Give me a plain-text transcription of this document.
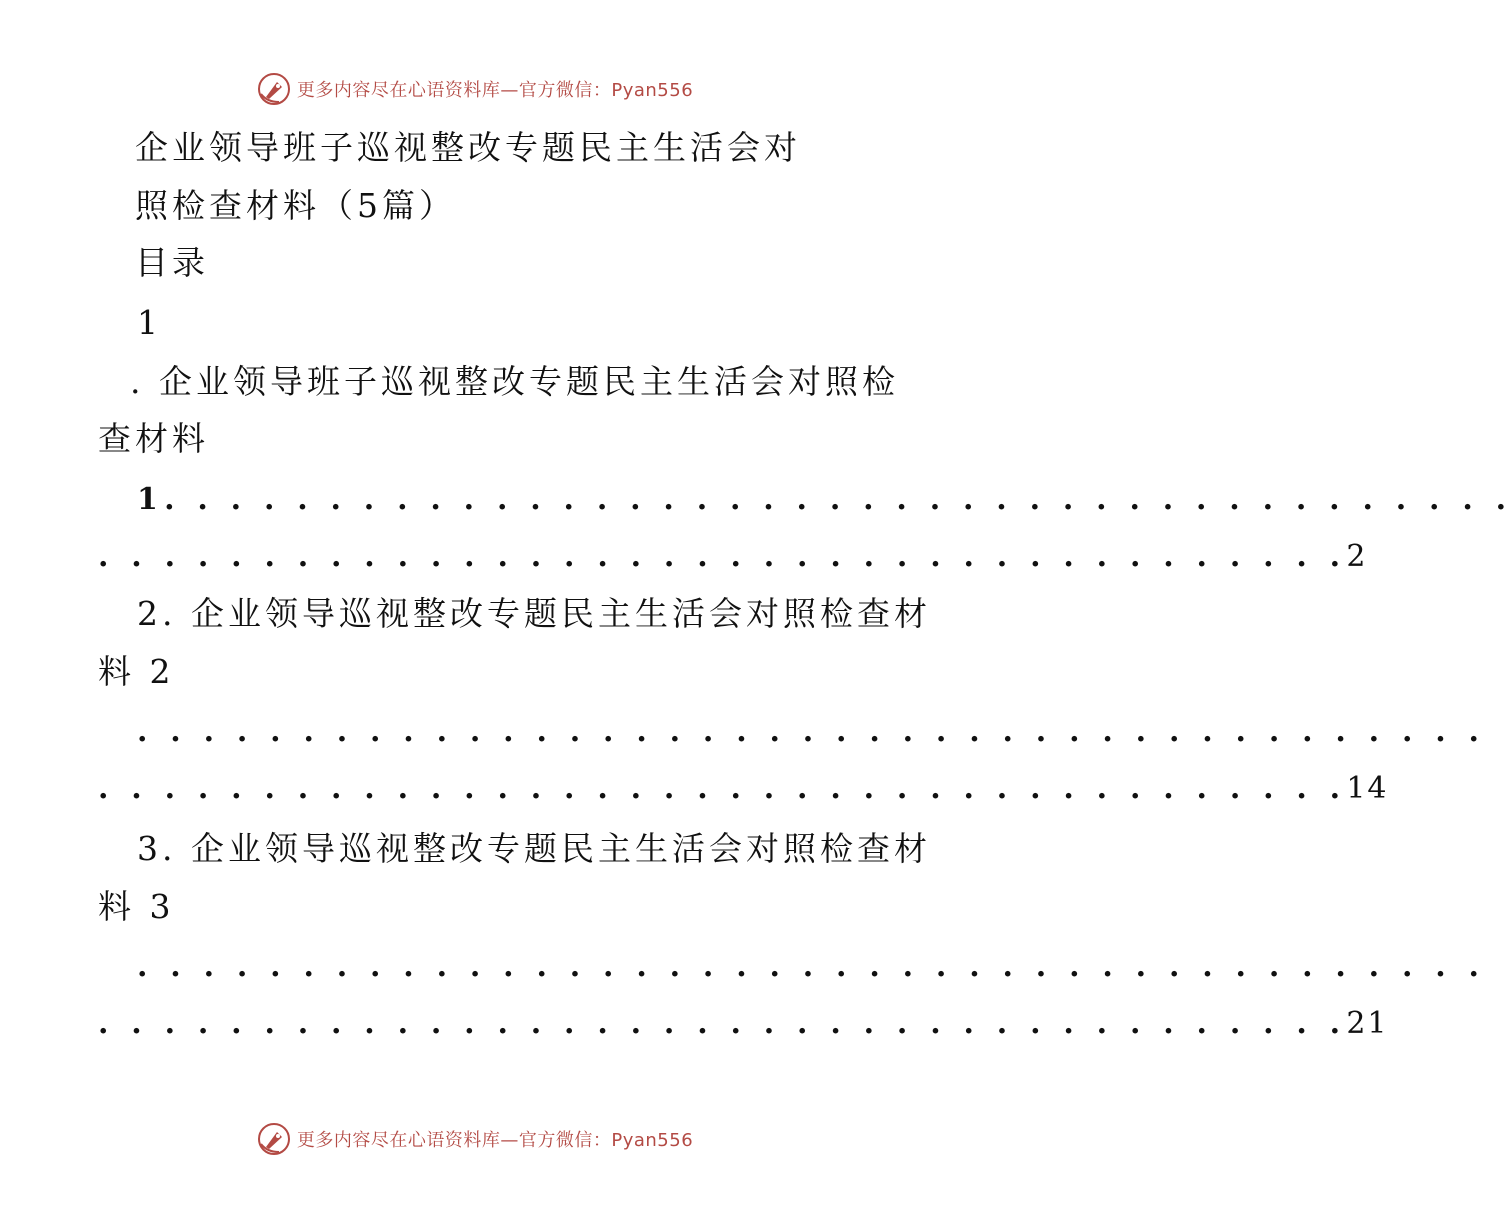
更多内容尽在心语资料库—官方微信：Pyan556
企业领导班子巡视整改专题民主生活会对
照检查材料（5篇）
目录
1
. 企业领导班子巡视整改专题民主生活会对照检
查材料
1. . . . . . . . . . . . . . . . . . . . . . . . . . . . . . . . . . . . . . . . .
. . . . . . . . . . . . . . . . . . . . . . . . . . . . . . . . . . . . . .2
2. 企业领导巡视整改专题民主生活会对照检查材
料 2
. . . . . . . . . . . . . . . . . . . . . . . . . . . . . . . . . . . . . . . . .
. . . . . . . . . . . . . . . . . . . . . . . . . . . . . . . . . . . . . .14
3. 企业领导巡视整改专题民主生活会对照检查材
料 3
. . . . . . . . . . . . . . . . . . . . . . . . . . . . . . . . . . . . . . . . .
. . . . . . . . . . . . . . . . . . . . . . . . . . . . . . . . . . . . . .21
更多内容尽在心语资料库—官方微信：Pyan556
